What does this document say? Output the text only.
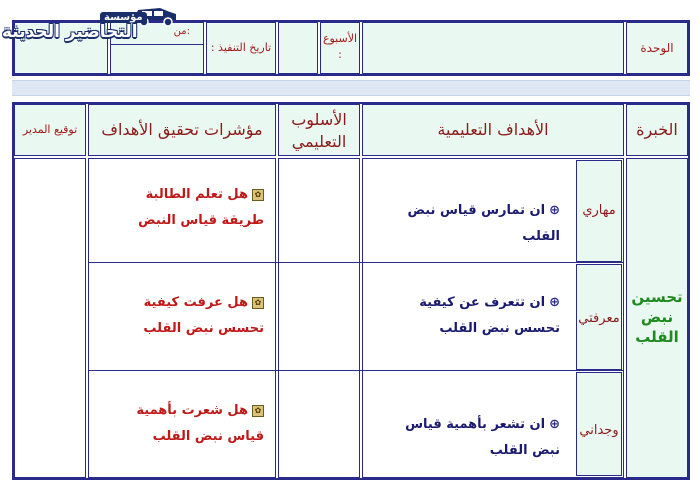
الوحدة
الأسبوع :
تاريخ التنفيذ :
من:
مؤسسة
التحاضير الحديثة
الخبرة
الأهداف التعليمية
الأسلوب التعليمي
مؤشرات تحقيق الأهداف
توقيع المدير
تحسين نبض القلب
مهاري
⊕ان تمارس قياس نبض القلب
✿هل تعلم الطالبة طريقة قياس النبض
معرفتي
⊕ان تتعرف عن كيفية تحسس نبض القلب
✿هل عرفت كيفية تحسس نبض القلب
وجداني
⊕ان تشعر بأهمية قياس نبض القلب
✿هل شعرت بأهمية قياس نبض القلب
